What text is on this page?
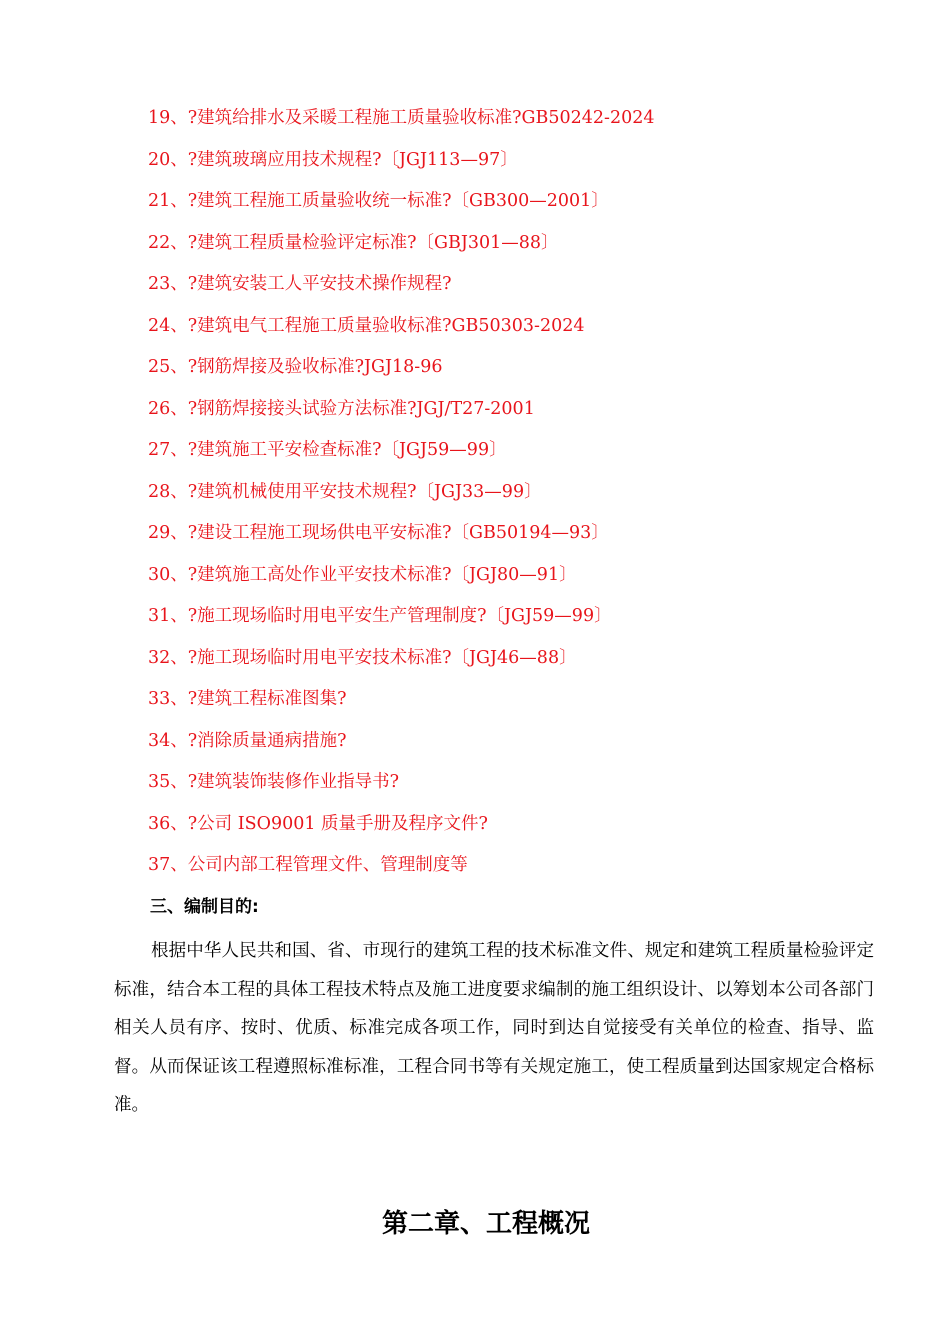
19、?建筑给排水及采暖工程施工质量验收标准?GB50242-2024
20、?建筑玻璃应用技术规程?〔JGJ113—97〕
21、?建筑工程施工质量验收统一标准?〔GB300—2001〕
22、?建筑工程质量检验评定标准?〔GBJ301—88〕
23、?建筑安装工人平安技术操作规程?
24、?建筑电气工程施工质量验收标准?GB50303-2024
25、?钢筋焊接及验收标准?JGJ18-96
26、?钢筋焊接接头试验方法标准?JGJ/T27-2001
27、?建筑施工平安检查标准?〔JGJ59—99〕
28、?建筑机械使用平安技术规程?〔JGJ33—99〕
29、?建设工程施工现场供电平安标准?〔GB50194—93〕
30、?建筑施工高处作业平安技术标准?〔JGJ80—91〕
31、?施工现场临时用电平安生产管理制度?〔JGJ59—99〕
32、?施工现场临时用电平安技术标准?〔JGJ46—88〕
33、?建筑工程标准图集?
34、?消除质量通病措施?
35、?建筑装饰装修作业指导书?
36、?公司 ISO9001 质量手册及程序文件?
37、公司内部工程管理文件、管理制度等
三、编制目的:

根据中华人民共和国、省、市现行的建筑工程的技术标准文件、规定和建筑工程质量检验评定标准，结合本工程的具体工程技术特点及施工进度要求编制的施工组织设计、以筹划本公司各部门相关人员有序、按时、优质、标准完成各项工作，同时到达自觉接受有关单位的检查、指导、监督。从而保证该工程遵照标准标准，工程合同书等有关规定施工，使工程质量到达国家规定合格标准。

第二章、工程概况
